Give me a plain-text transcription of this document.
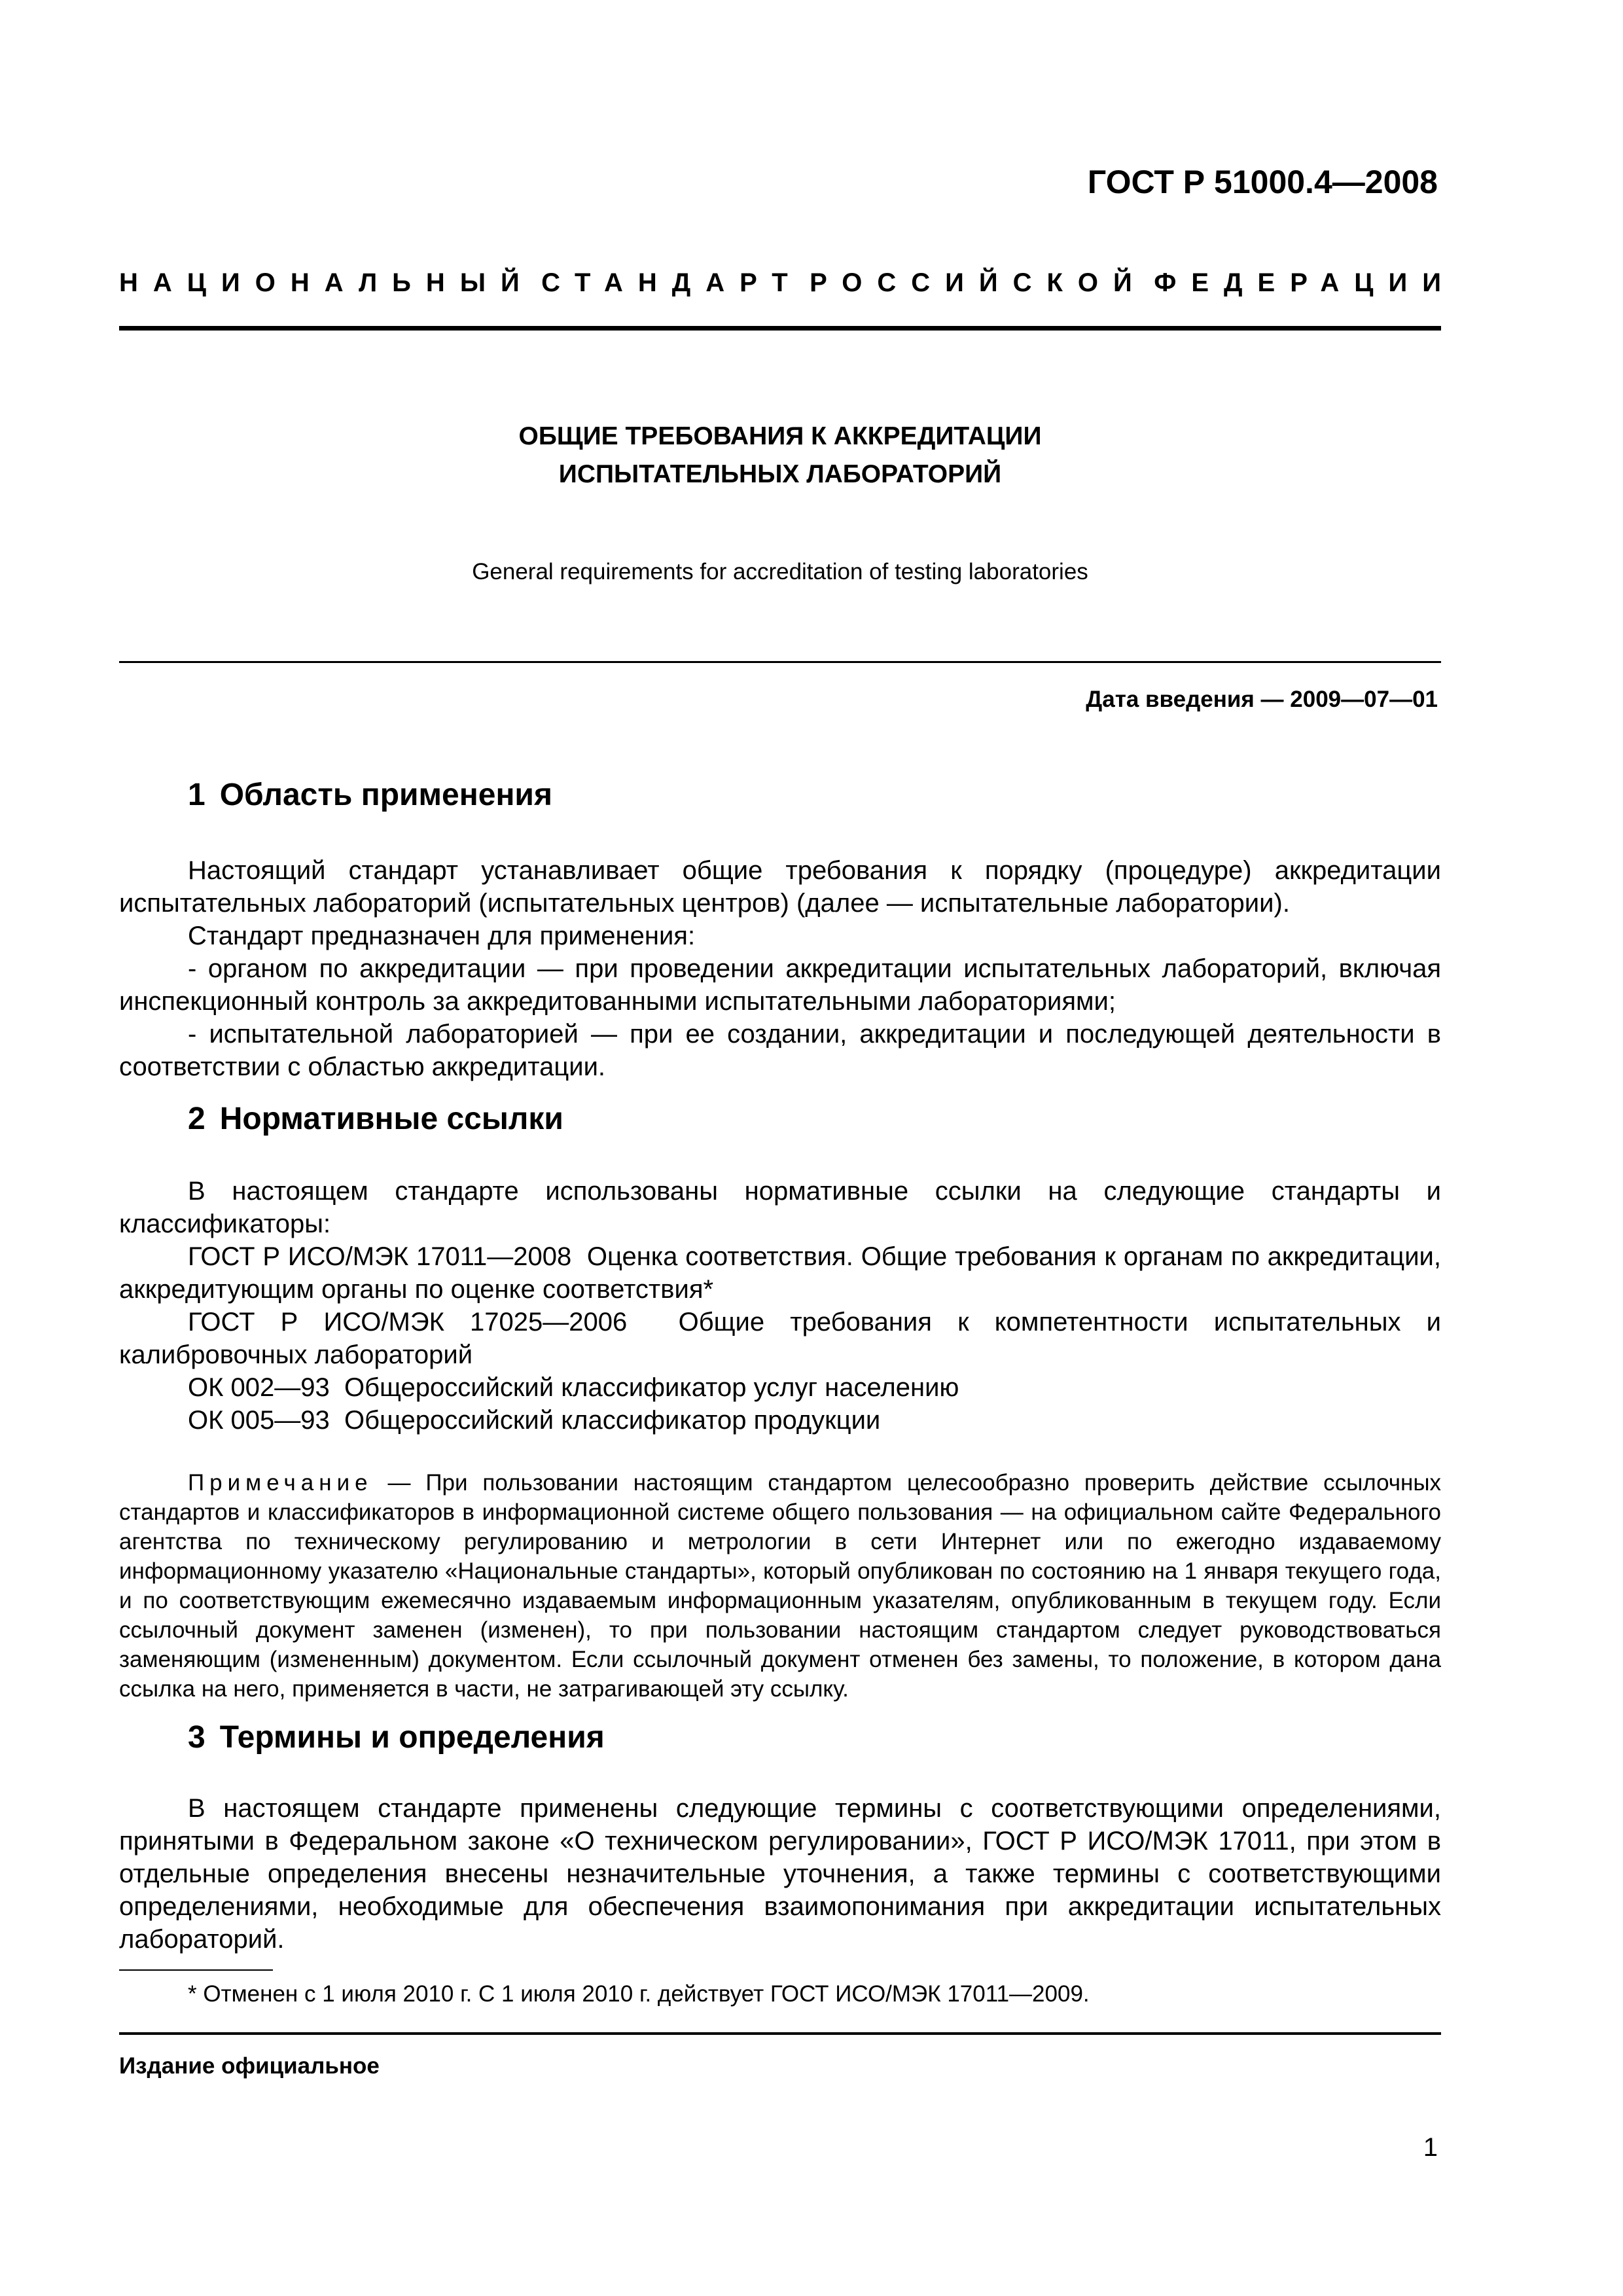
ГОСТ Р 51000.4—2008
НАЦИОНАЛЬНЫЙ СТАНДАРТ РОССИЙСКОЙ ФЕДЕРАЦИИ
ОБЩИЕ ТРЕБОВАНИЯ К АККРЕДИТАЦИИ
ИСПЫТАТЕЛЬНЫХ ЛАБОРАТОРИЙ
General requirements for accreditation of testing laboratories
Дата введения — 2009—07—01
1 Область применения

Настоящий стандарт устанавливает общие требования к порядку (процедуре) аккредитации испытательных лабораторий (испытательных центров) (далее — испытательные лаборатории).

Стандарт предназначен для применения:

- органом по аккредитации — при проведении аккредитации испытательных лабораторий, включая инспекционный контроль за аккредитованными испытательными лабораториями;

- испытательной лабораторией — при ее создании, аккредитации и последующей деятельности в соответствии с областью аккредитации.

2 Нормативные ссылки

В настоящем стандарте использованы нормативные ссылки на следующие стандарты и классификаторы:

ГОСТ Р ИСО/МЭК 17011—2008 Оценка соответствия. Общие требования к органам по аккредитации, аккредитующим органы по оценке соответствия*

ГОСТ Р ИСО/МЭК 17025—2006 Общие требования к компетентности испытательных и калибровочных лабораторий

ОК 002—93 Общероссийский классификатор услуг населению
ОК 005—93 Общероссийский классификатор продукции

Примечание — При пользовании настоящим стандартом целесообразно проверить действие ссылочных стандартов и классификаторов в информационной системе общего пользования — на официальном сайте Федерального агентства по техническому регулированию и метрологии в сети Интернет или по ежегодно издаваемому информационному указателю «Национальные стандарты», который опубликован по состоянию на 1 января текущего года, и по соответствующим ежемесячно издаваемым информационным указателям, опубликованным в текущем году. Если ссылочный документ заменен (изменен), то при пользовании настоящим стандартом следует руководствоваться заменяющим (измененным) документом. Если ссылочный документ отменен без замены, то положение, в котором дана ссылка на него, применяется в части, не затрагивающей эту ссылку.

3 Термины и определения

В настоящем стандарте применены следующие термины с соответствующими определениями, принятыми в Федеральном законе «О техническом регулировании», ГОСТ Р ИСО/МЭК 17011, при этом в отдельные определения внесены незначительные уточнения, а также термины с соответствующими определениями, необходимые для обеспечения взаимопонимания при аккредитации испытательных лабораторий.

* Отменен с 1 июля 2010 г. С 1 июля 2010 г. действует ГОСТ ИСО/МЭК 17011—2009.
Издание официальное
1
